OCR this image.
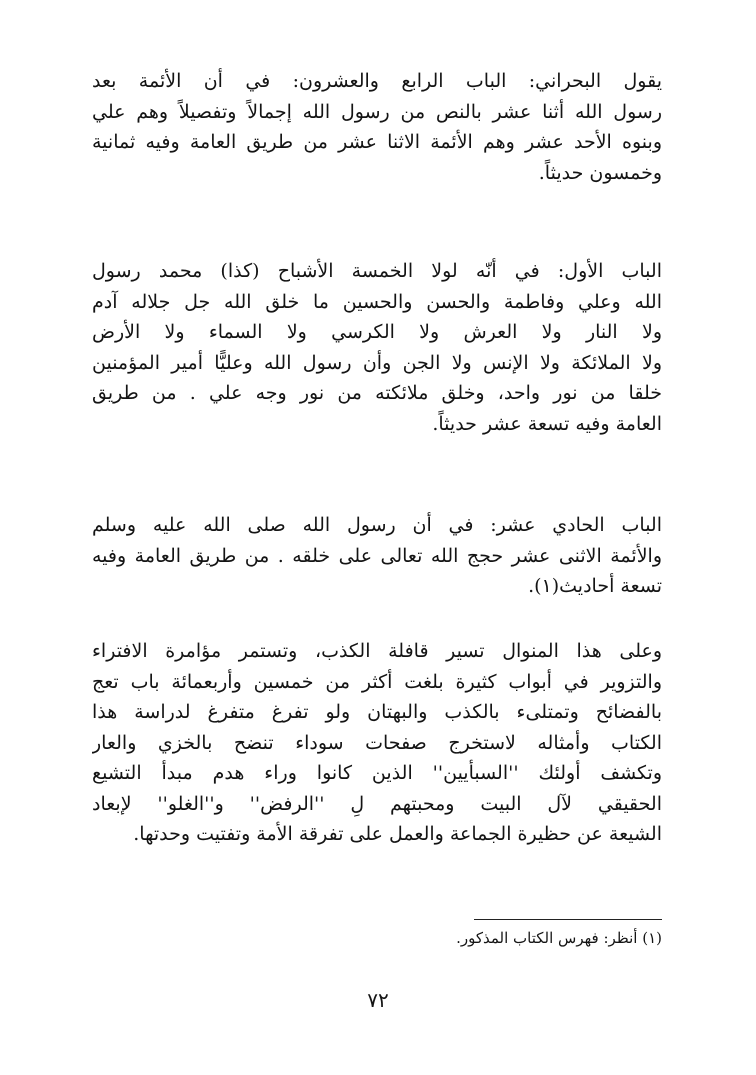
يقول البحراني: الباب الرابع والعشرون: في أن الأئمة بعد
رسول الله أثنا عشر بالنص من رسول الله إجمالاً وتفصيلاً وهم علي
وبنوه الأحد عشر وهم الأئمة الاثنا عشر من طريق العامة وفيه ثمانية
وخمسون حديثاً.
الباب الأول: في أنّه لولا الخمسة الأشباح (كذا) محمد رسول
الله وعلي وفاطمة والحسن والحسين ما خلق الله جل جلاله آدم
ولا النار ولا العرش ولا الكرسي ولا السماء ولا الأرض
ولا الملائكة ولا الإنس ولا الجن وأن رسول الله وعليًّا أمير المؤمنين
خلقا من نور واحد، وخلق ملائكته من نور وجه علي . من طريق
العامة وفيه تسعة عشر حديثاً.
الباب الحادي عشر: في أن رسول الله صلى الله عليه وسلم
والأئمة الاثنى عشر حجج الله تعالى على خلقه . من طريق العامة وفيه
تسعة أحاديث(١).
وعلى هذا المنوال تسير قافلة الكذب، وتستمر مؤامرة الافتراء
والتزوير في أبواب كثيرة بلغت أكثر من خمسين وأربعمائة باب تعج
بالفضائح وتمتلىء بالكذب والبهتان ولو تفرغ متفرغ لدراسة هذا
الكتاب وأمثاله لاستخرج صفحات سوداء تنضح بالخزي والعار
وتكشف أولئك ''السبأيين'' الذين كانوا وراء هدم مبدأ التشيع
الحقيقي لآل البيت ومحبتهم لِ ''الرفض'' و''الغلو'' لإبعاد
الشيعة عن حظيرة الجماعة والعمل على تفرقة الأمة وتفتيت وحدتها.
(١) أنظر: فهرس الكتاب المذكور.
٧٢
